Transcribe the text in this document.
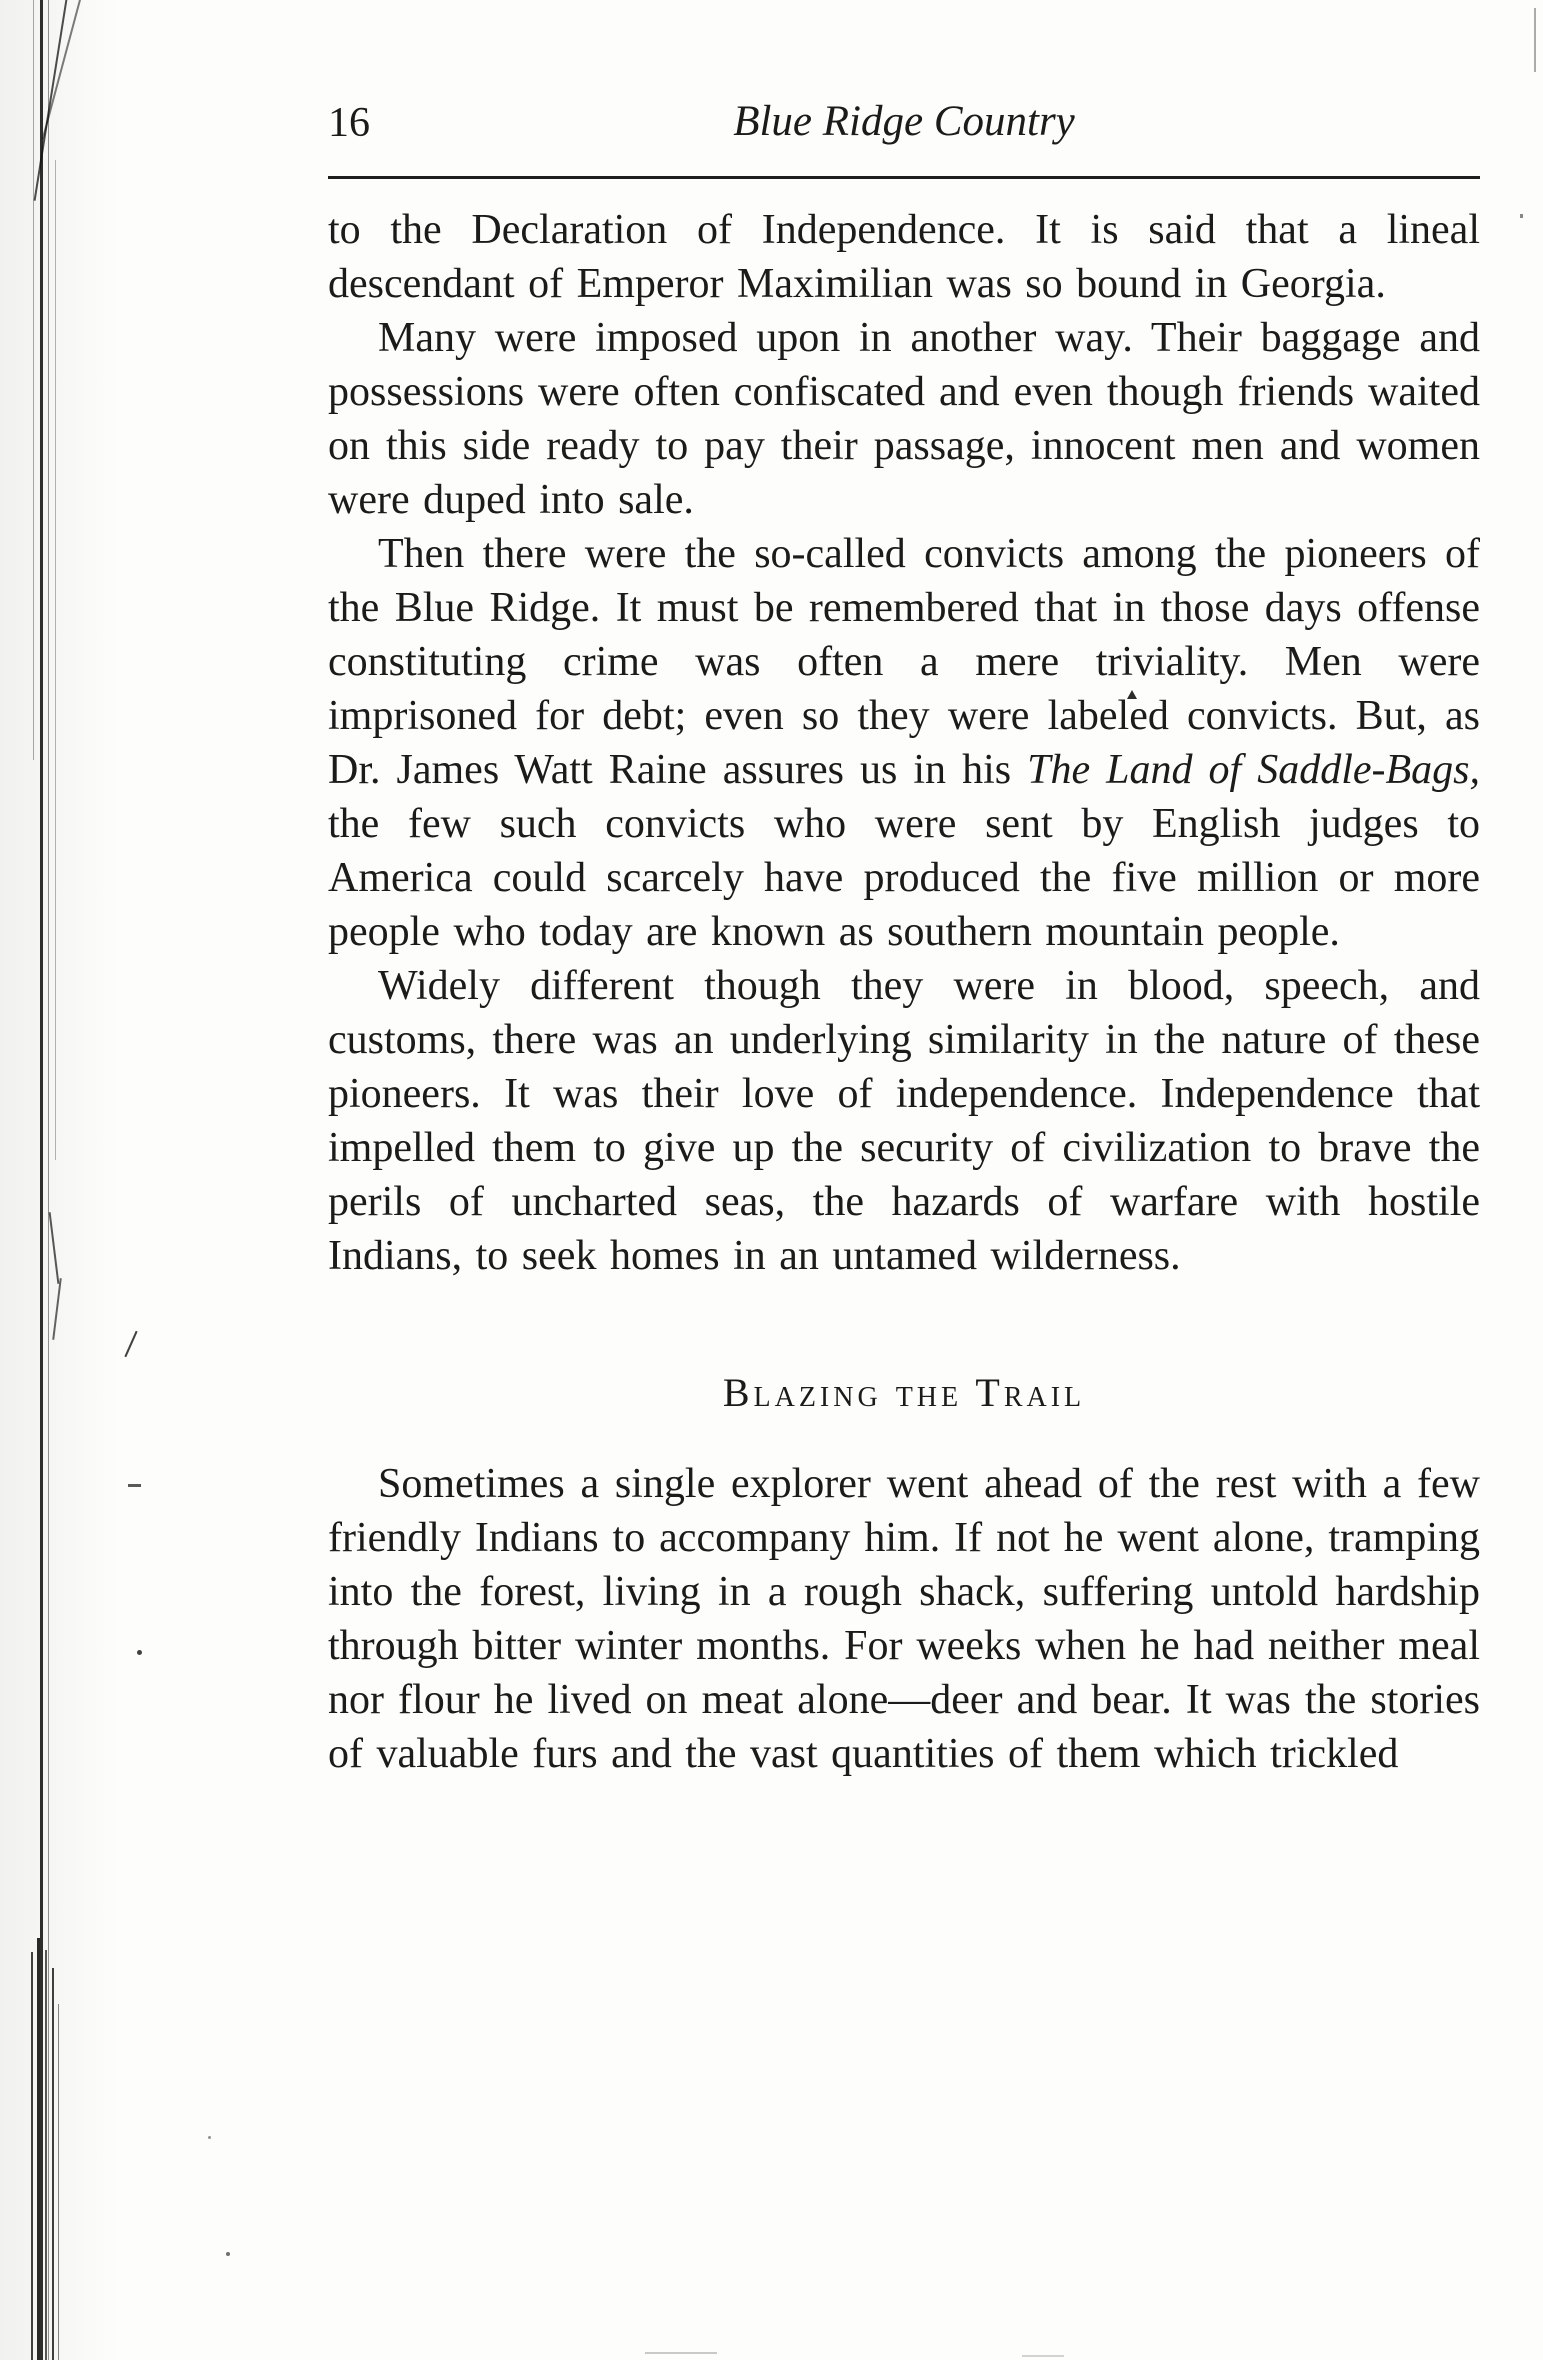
16	Blue Ridge Country

to the Declaration of Independence. It is said that a lineal descendant of Emperor Maximilian was so bound in Georgia.

Many were imposed upon in another way. Their baggage and possessions were often confiscated and even though friends waited on this side ready to pay their passage, innocent men and women were duped into sale.

Then there were the so-called convicts among the pioneers of the Blue Ridge. It must be remembered that in those days offense constituting crime was often a mere triviality. Men were imprisoned for debt; even so they were labeled convicts. But, as Dr. James Watt Raine assures us in his The Land of Saddle-Bags, the few such convicts who were sent by English judges to America could scarcely have produced the five million or more people who today are known as southern mountain people.

Widely different though they were in blood, speech, and customs, there was an underlying similarity in the nature of these pioneers. It was their love of independence. Independence that impelled them to give up the security of civilization to brave the perils of uncharted seas, the hazards of warfare with hostile Indians, to seek homes in an untamed wilderness.

Blazing the Trail

Sometimes a single explorer went ahead of the rest with a few friendly Indians to accompany him. If not he went alone, tramping into the forest, living in a rough shack, suffering untold hardship through bitter winter months. For weeks when he had neither meal nor flour he lived on meat alone—deer and bear. It was the stories of valuable furs and the vast quantities of them which trickled
